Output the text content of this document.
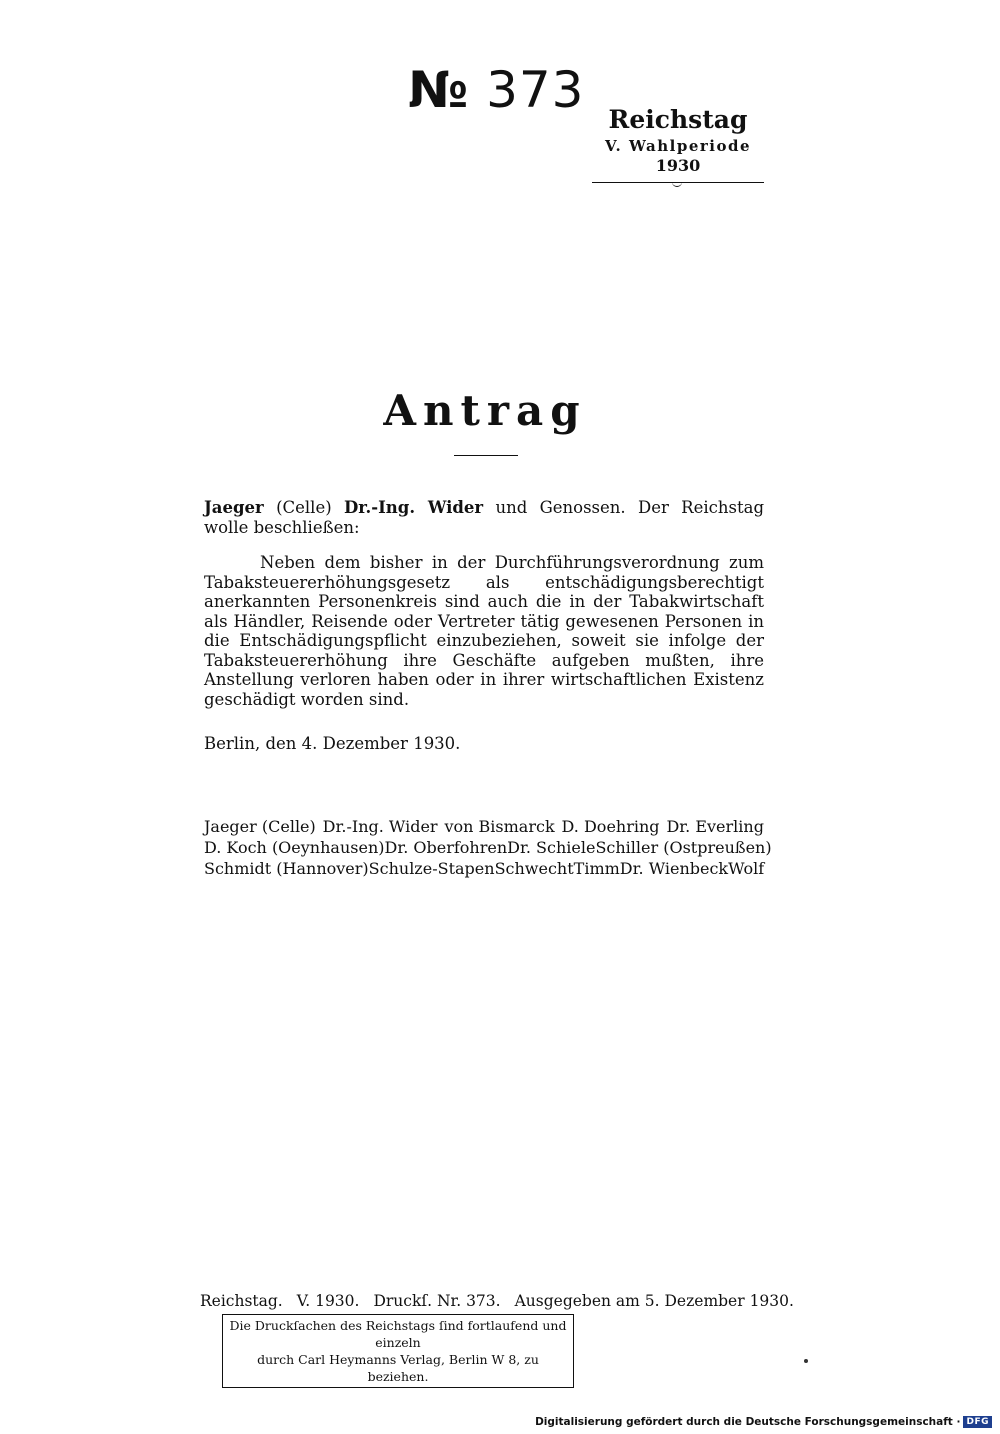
№ 373
Reichstag
V. Wahlperiode
1930
Antrag
Jaeger (Celle) Dr.-Ing. Wider und Genossen. Der Reichstag wolle beschließen:
Neben dem bisher in der Durchführungsverordnung zum Tabaksteuererhöhungsgesetz als entschädigungsberechtigt anerkannten Personenkreis sind auch die in der Tabakwirtschaft als Händler, Reisende oder Vertreter tätig gewesenen Personen in die Entschädigungspflicht einzubeziehen, soweit sie infolge der Tabaksteuererhöhung ihre Geschäfte aufgeben mußten, ihre Anstellung verloren haben oder in ihrer wirtschaftlichen Existenz geschädigt worden sind.
Berlin, den 4. Dezember 1930.
Jaeger (Celle) Dr.-Ing. Wider von Bismarck D. Doehring Dr. Everling
D. Koch (Oeynhausen) Dr. Oberfohren Dr. Schiele Schiller (Ostpreußen)
Schmidt (Hannover) Schulze-Stapen Schwecht Timm Dr. Wienbeck Wolf
Reichstag. V. 1930. Druckſ. Nr. 373. Ausgegeben am 5. Dezember 1930.
Die Druckſachen des Reichstags ſind fortlaufend und einzeln
durch Carl Heymanns Verlag, Berlin W 8, zu beziehen.
Digitalisierung gefördert durch die Deutsche Forschungsgemeinschaft · DFG
